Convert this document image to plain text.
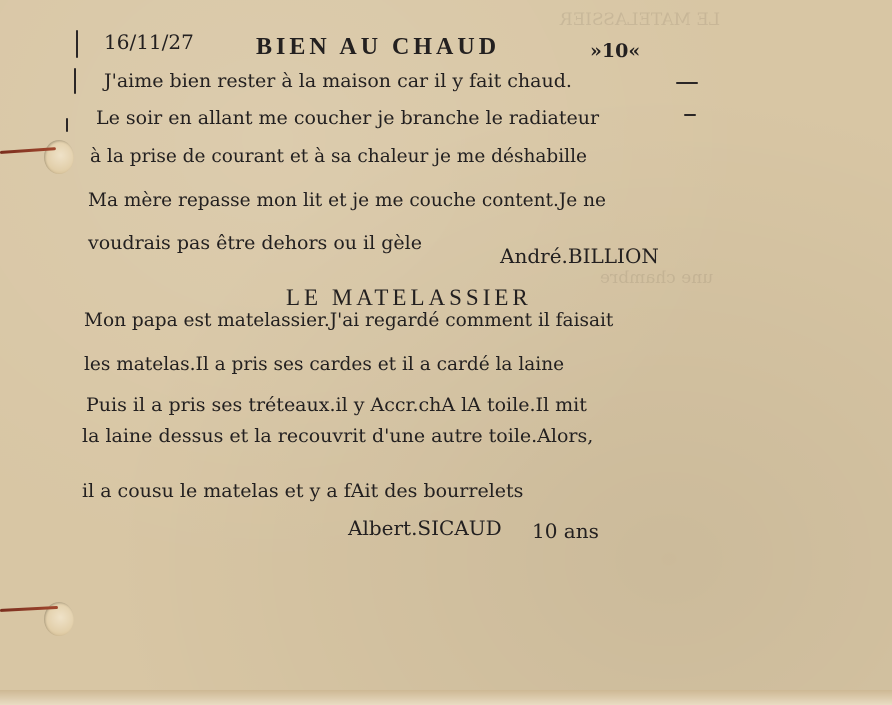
LE MATELASSIER
une chambre
16/11/27	BIEN AU CHAUD	»10«
J'aime bien rester à la maison car il y fait chaud.
Le soir en allant me coucher je branche le radiateur
à la prise de courant et à sa chaleur je me déshabille
Ma mère repasse mon lit et je me couche content.Je ne
voudrais pas être dehors ou il gèle
André.BILLION
LE MATELASSIER
Mon papa est matelassier.J'ai regardé comment il faisait
les matelas.Il a pris ses cardes et il a cardé la laine
Puis il a pris ses tréteaux.il y Accr.chA lA toile.Il mit
la laine dessus et la recouvrit d'une autre toile.Alors,
il a cousu le matelas et y a fAit des bourrelets
Albert.SICAUD 10 ans
